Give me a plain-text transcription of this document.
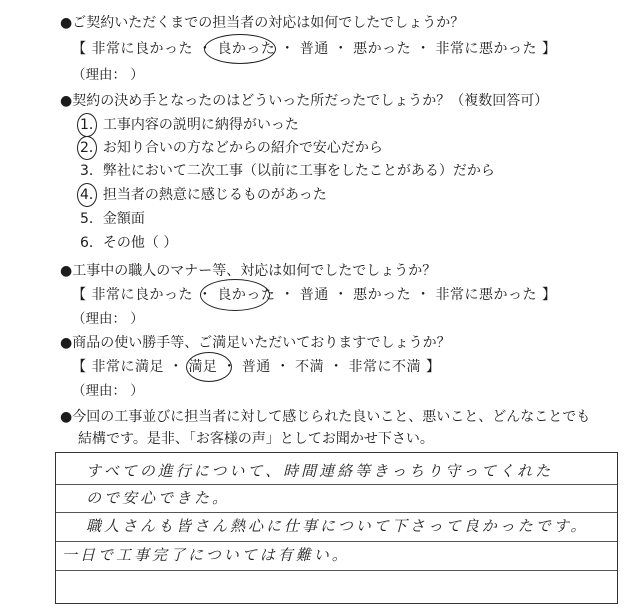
●ご契約いただくまでの担当者の対応は如何でしたでしょうか？
【 非常に良かった ・ 良かった ・ 普通 ・ 悪かった ・ 非常に悪かった 】
（理由： ）
●契約の決め手となったのはどういった所だったでしょうか？（複数回答可）
1．工事内容の説明に納得がいった
2．お知り合いの方などからの紹介で安心だから
3．弊社において二次工事（以前に工事をしたことがある）だから
4．担当者の熱意に感じるものがあった
5．金額面
6．その他（ ）
●工事中の職人のマナー等、対応は如何でしたでしょうか？
【 非常に良かった ・ 良かった ・ 普通 ・ 悪かった ・ 非常に悪かった 】
（理由： ）
●商品の使い勝手等、ご満足いただいておりますでしょうか？
【 非常に満足 ・ 満足 ・ 普通 ・ 不満 ・ 非常に不満 】
（理由： ）
●今回の工事並びに担当者に対して感じられた良いこと、悪いこと、どんなことでも
結構です。是非、「お客様の声」としてお聞かせ下さい。
すべての進行について、時間連絡等きっちり守ってくれた
ので安心できた。
職人さんも皆さん熱心に仕事について下さって良かったです。
一日で工事完了については有難い。
